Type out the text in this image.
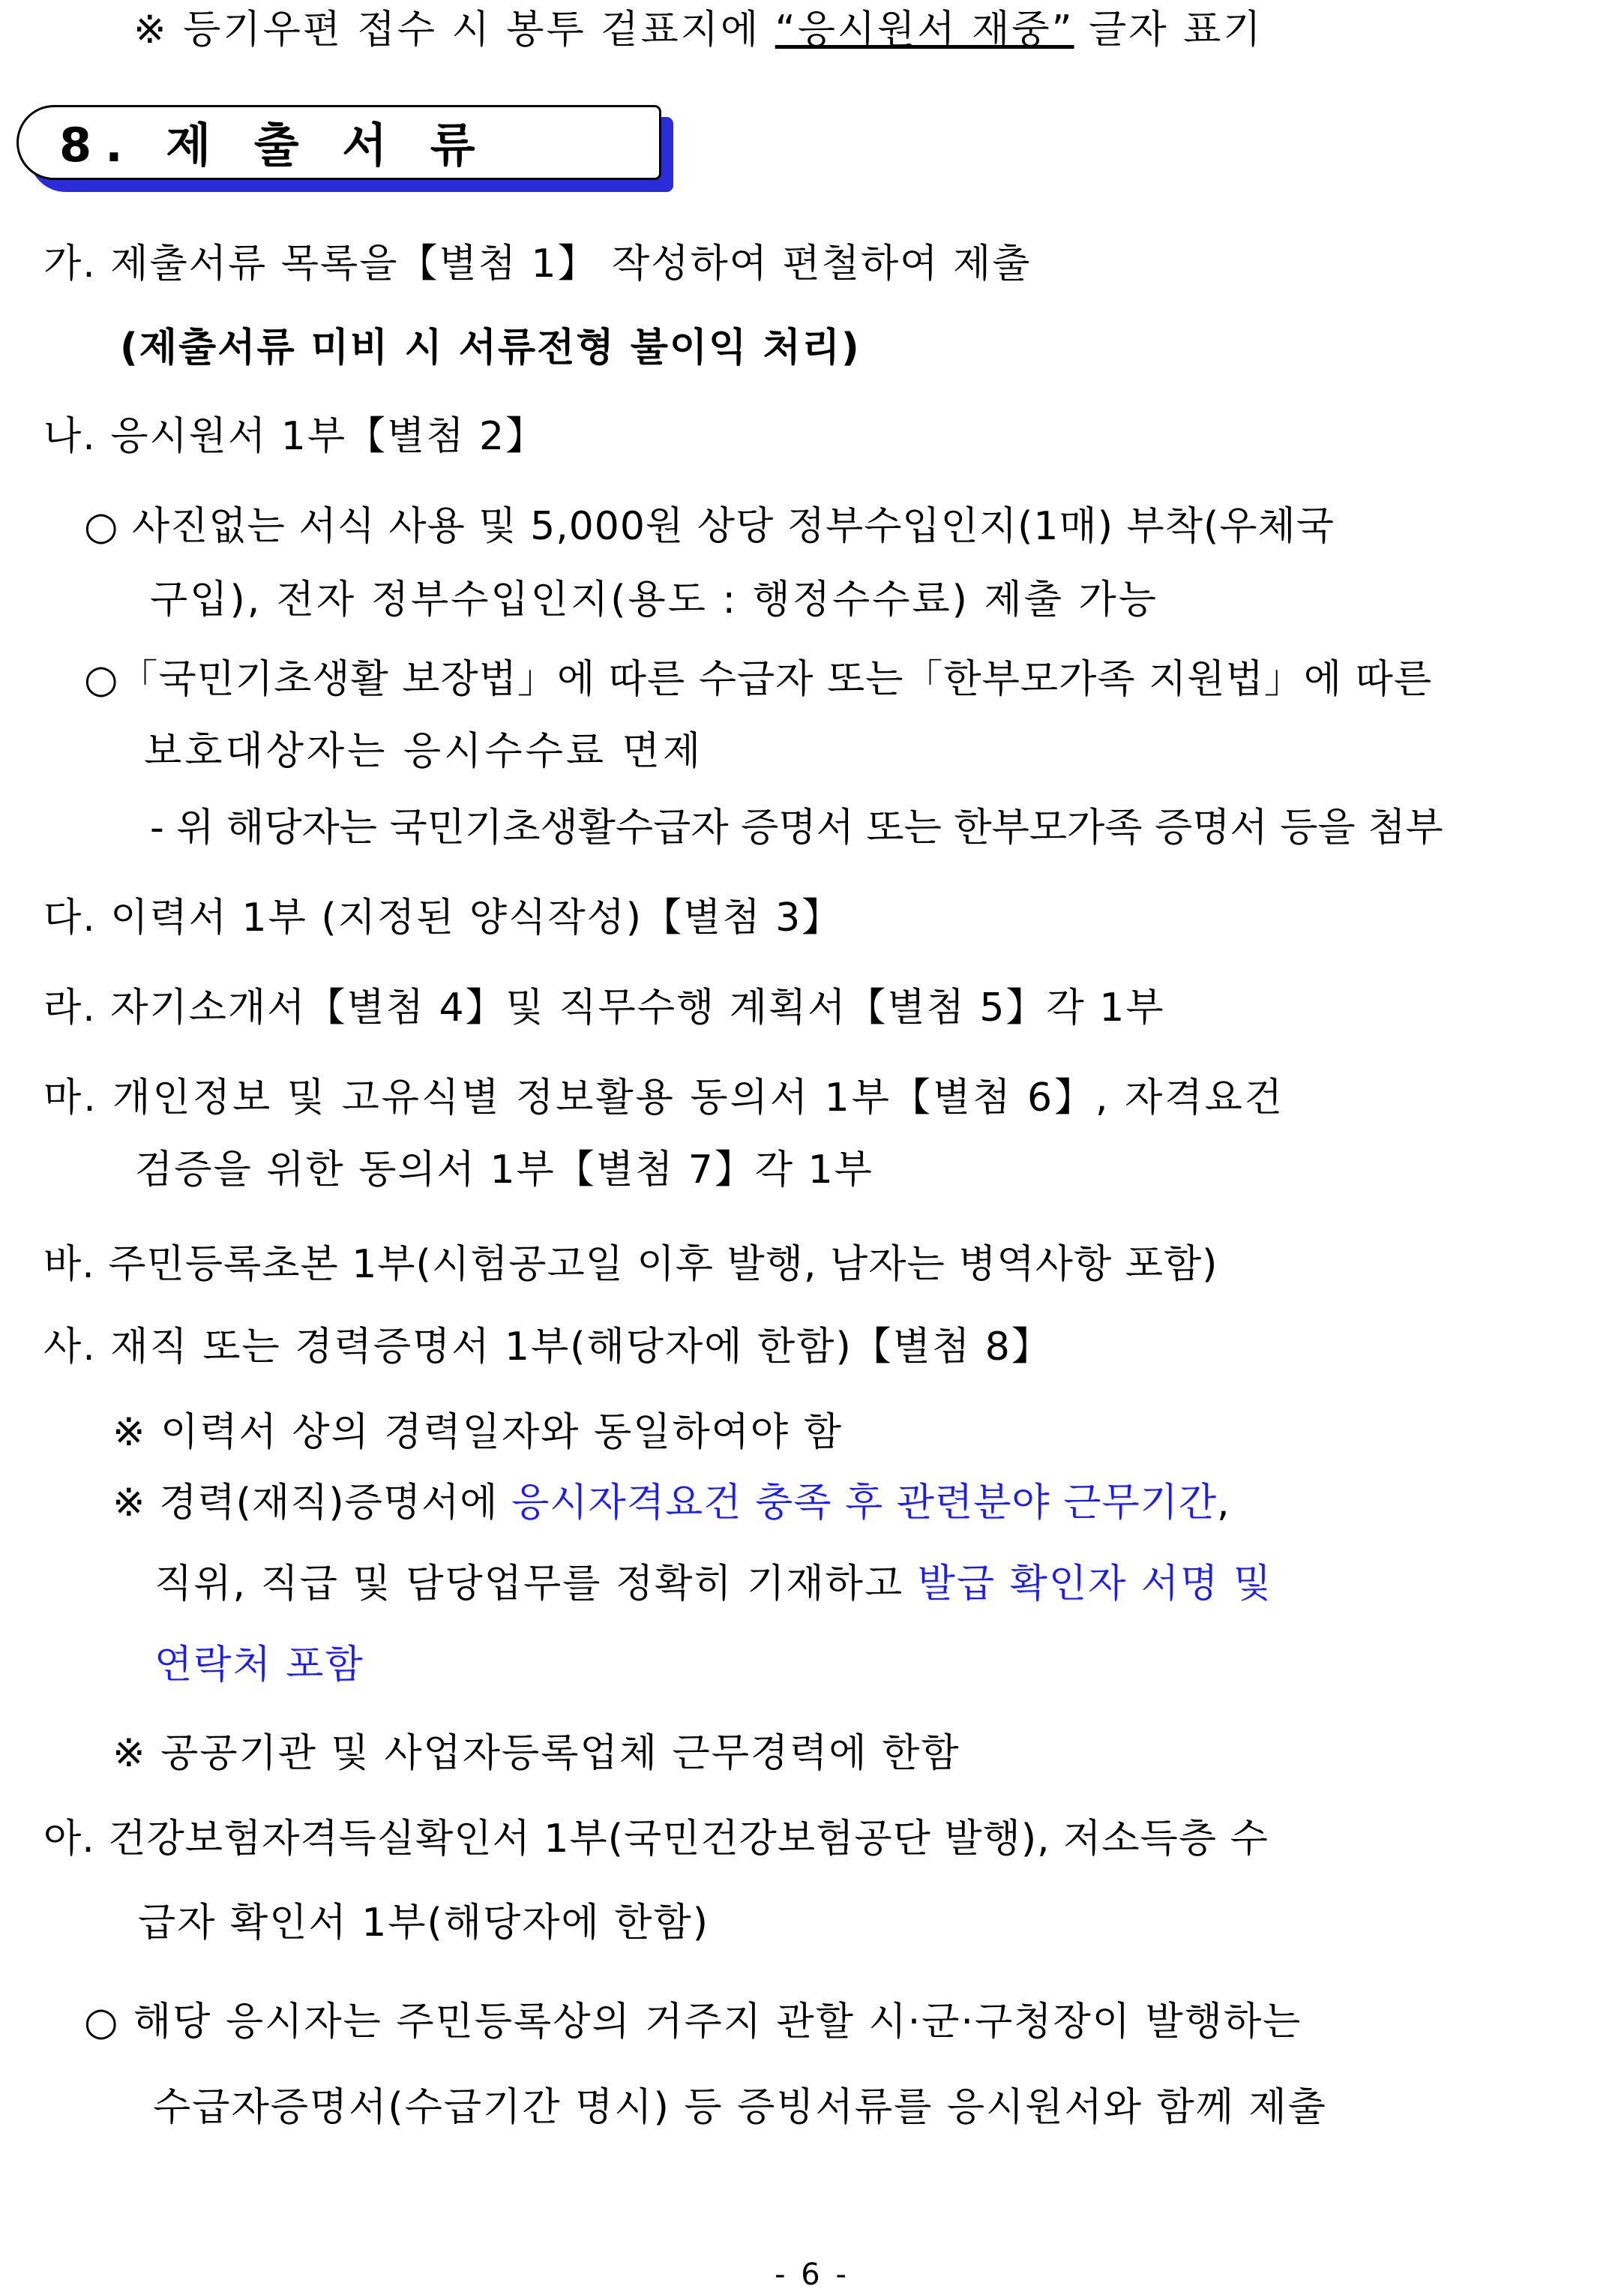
※ 등기우편 접수 시 봉투 겉표지에 “응시원서 재중” 글자 표기
8. 제 출 서 류
가. 제출서류 목록을【별첨 1】 작성하여 편철하여 제출
(제출서류 미비 시 서류전형 불이익 처리)
나. 응시원서 1부【별첨 2】
○ 사진없는 서식 사용 및 5,000원 상당 정부수입인지(1매) 부착(우체국
구입), 전자 정부수입인지(용도 : 행정수수료) 제출 가능
○「국민기초생활 보장법」에 따른 수급자 또는「한부모가족 지원법」에 따른
보호대상자는 응시수수료 면제
- 위 해당자는 국민기초생활수급자 증명서 또는 한부모가족 증명서 등을 첨부
다. 이력서 1부 (지정된 양식작성)【별첨 3】
라. 자기소개서【별첨 4】및 직무수행 계획서【별첨 5】각 1부
마. 개인정보 및 고유식별 정보활용 동의서 1부【별첨 6】, 자격요건
검증을 위한 동의서 1부【별첨 7】각 1부
바. 주민등록초본 1부(시험공고일 이후 발행, 남자는 병역사항 포함)
사. 재직 또는 경력증명서 1부(해당자에 한함)【별첨 8】
※ 이력서 상의 경력일자와 동일하여야 함
※ 경력(재직)증명서에 응시자격요건 충족 후 관련분야 근무기간,
직위, 직급 및 담당업무를 정확히 기재하고 발급 확인자 서명 및
연락처 포함
※ 공공기관 및 사업자등록업체 근무경력에 한함
아. 건강보험자격득실확인서 1부(국민건강보험공단 발행), 저소득층 수
급자 확인서 1부(해당자에 한함)
○ 해당 응시자는 주민등록상의 거주지 관할 시·군·구청장이 발행하는
수급자증명서(수급기간 명시) 등 증빙서류를 응시원서와 함께 제출
- 6 -
